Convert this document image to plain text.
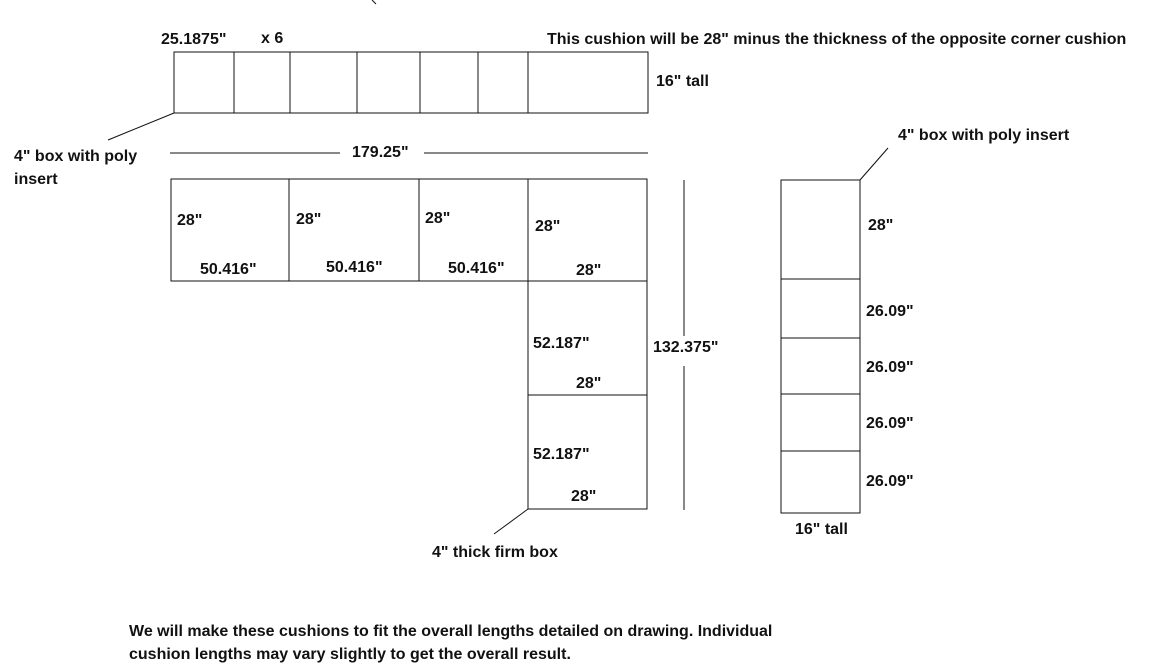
25.1875" x 6	This cushion will be 28" minus the thickness of the opposite corner cushion
16" tall
4" box with poly
insert
179.25"
132.375"
28"
50.416"
28"
50.416"
28"
50.416"
28"
28"
52.187"
28"
52.187"
28"
4" thick firm box
4" box with poly insert
28"
26.09"
26.09"
26.09"
26.09"
16" tall
We will make these cushions to fit the overall lengths detailed on drawing. Individual
cushion lengths may vary slightly to get the overall result.
